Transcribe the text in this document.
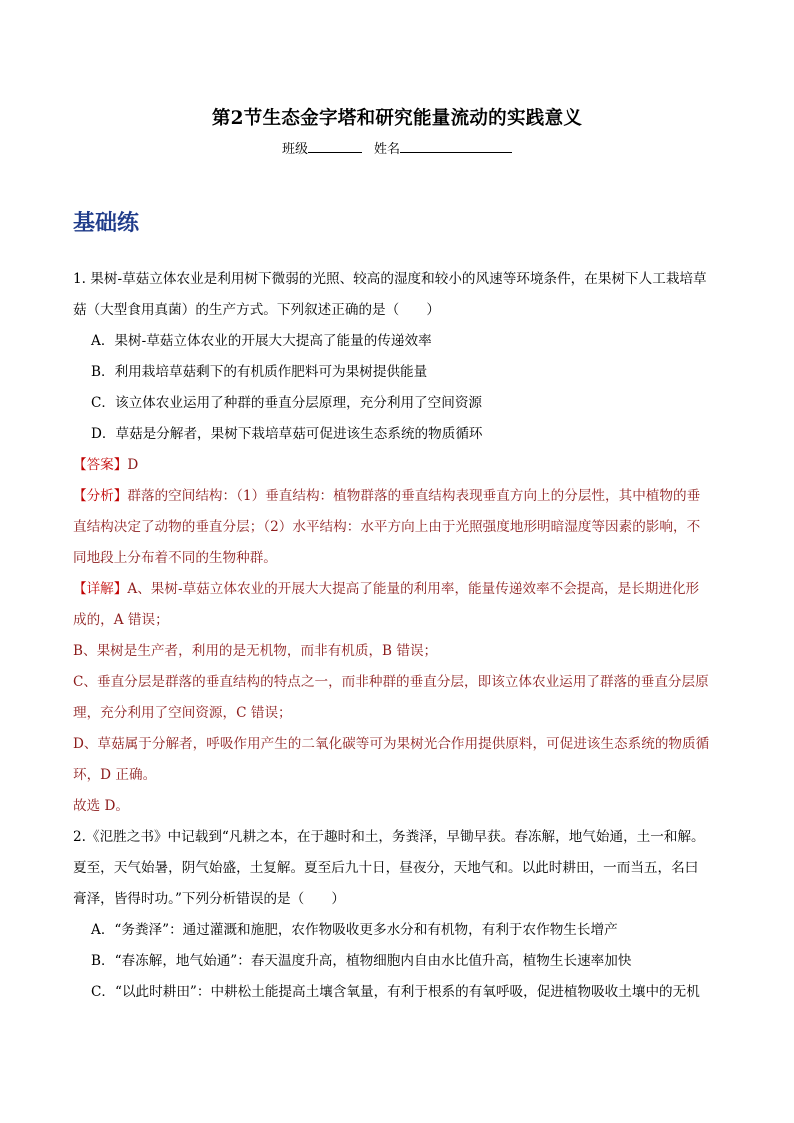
第2节生态金字塔和研究能量流动的实践意义
班级	姓名
基础练
1. 果树-草菇立体农业是利用树下微弱的光照、较高的湿度和较小的风速等环境条件，在果树下人工栽培草
菇（大型食用真菌）的生产方式。下列叙述正确的是（　　）
A．果树-草菇立体农业的开展大大提高了能量的传递效率
B．利用栽培草菇剩下的有机质作肥料可为果树提供能量
C．该立体农业运用了种群的垂直分层原理，充分利用了空间资源
D．草菇是分解者，果树下栽培草菇可促进该生态系统的物质循环
【答案】D
【分析】群落的空间结构：（1）垂直结构：植物群落的垂直结构表现垂直方向上的分层性，其中植物的垂
直结构决定了动物的垂直分层；（2）水平结构：水平方向上由于光照强度地形明暗湿度等因素的影响，不
同地段上分布着不同的生物种群。
【详解】A、果树-草菇立体农业的开展大大提高了能量的利用率，能量传递效率不会提高，是长期进化形
成的，A 错误；
B、果树是生产者，利用的是无机物，而非有机质，B 错误；
C、垂直分层是群落的垂直结构的特点之一，而非种群的垂直分层，即该立体农业运用了群落的垂直分层原
理，充分利用了空间资源，C 错误；
D、草菇属于分解者，呼吸作用产生的二氧化碳等可为果树光合作用提供原料，可促进该生态系统的物质循
环，D 正确。
故选 D。
2.《氾胜之书》中记载到“凡耕之本，在于趣时和土，务粪泽，早锄早获。春冻解，地气始通，土一和解。
夏至，天气始暑，阴气始盛，土复解。夏至后九十日，昼夜分，天地气和。以此时耕田，一而当五，名曰
膏泽，皆得时功。”下列分析错误的是（　　）
A．“务粪泽”：通过灌溉和施肥，农作物吸收更多水分和有机物，有利于农作物生长增产
B．“春冻解，地气始通”：春天温度升高，植物细胞内自由水比值升高，植物生长速率加快
C．“以此时耕田”：中耕松土能提高土壤含氧量，有利于根系的有氧呼吸，促进植物吸收土壤中的无机
